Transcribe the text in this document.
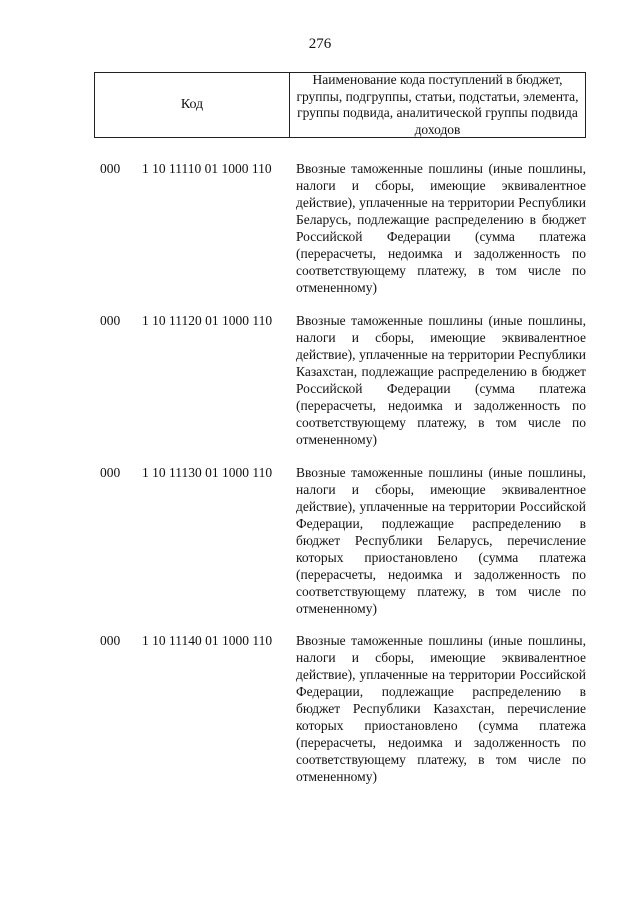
276
Код
Наименование кода поступлений в бюджет, группы, подгруппы, статьи, подстатьи, элемента, группы подвида, аналитической группы подвида доходов
000	1 10 11110 01 1000 110	Ввозные таможенные пошлины (иные пошлины, налоги и сборы, имеющие эквивалентное действие), уплаченные на территории Республики Беларусь, подлежащие распределению в бюджет Российской Федерации (сумма платежа (перерасчеты, недоимка и задолженность по соответствующему платежу, в том числе по отмененному)
000	1 10 11120 01 1000 110	Ввозные таможенные пошлины (иные пошлины, налоги и сборы, имеющие эквивалентное действие), уплаченные на территории Республики Казахстан, подлежащие распределению в бюджет Российской Федерации (сумма платежа (перерасчеты, недоимка и задолженность по соответствующему платежу, в том числе по отмененному)
000	1 10 11130 01 1000 110	Ввозные таможенные пошлины (иные пошлины, налоги и сборы, имеющие эквивалентное действие), уплаченные на территории Российской Федерации, подлежащие распределению в бюджет Республики Беларусь, перечисление которых приостановлено (сумма платежа (перерасчеты, недоимка и задолженность по соответствующему платежу, в том числе по отмененному)
000	1 10 11140 01 1000 110	Ввозные таможенные пошлины (иные пошлины, налоги и сборы, имеющие эквивалентное действие), уплаченные на территории Российской Федерации, подлежащие распределению в бюджет Республики Казахстан, перечисление которых приостановлено (сумма платежа (перерасчеты, недоимка и задолженность по соответствующему платежу, в том числе по отмененному)
